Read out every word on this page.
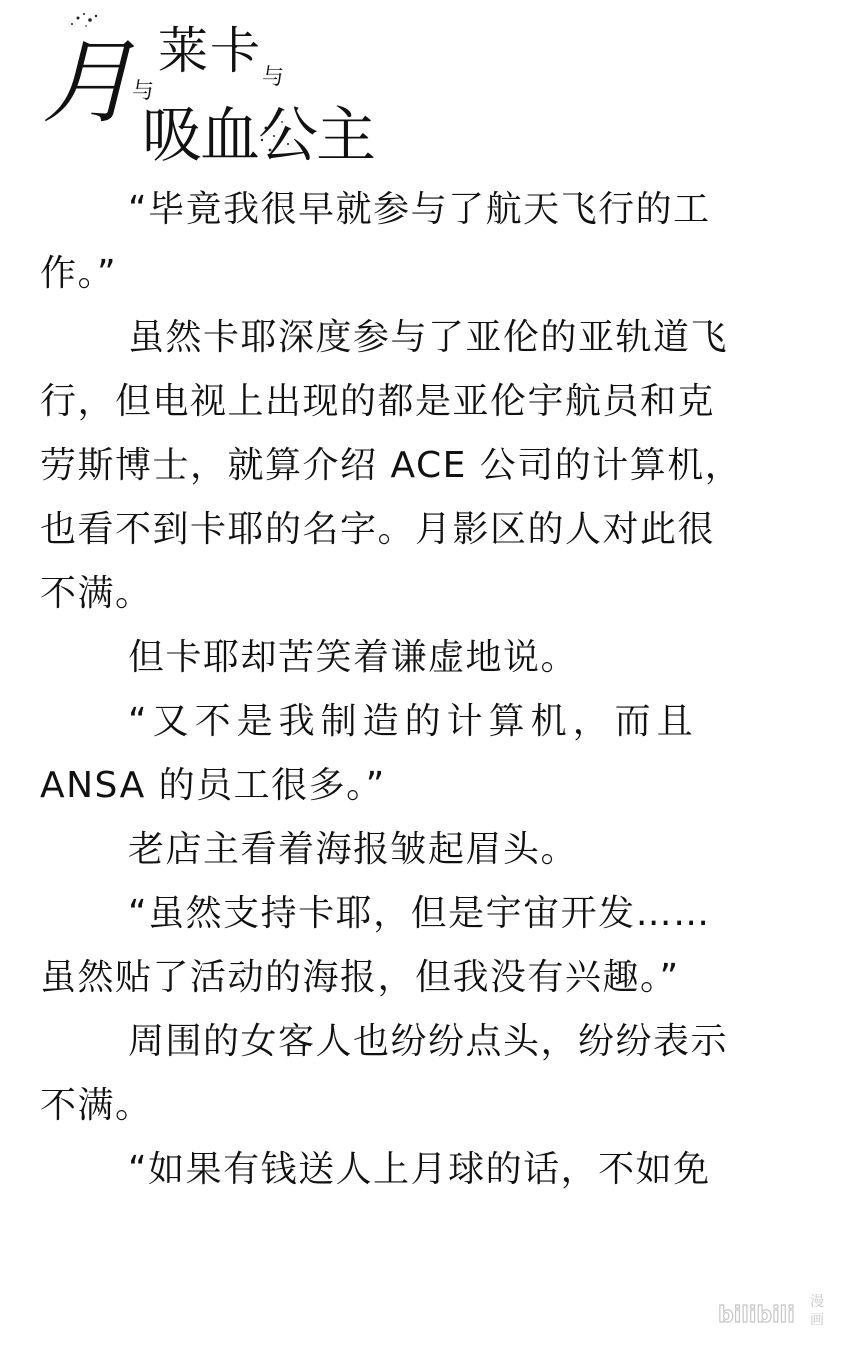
月
与
莱 卡 与
吸血公主
“毕竟我很早就参与了航天飞行的工
作。”
虽然卡耶深度参与了亚伦的亚轨道飞
行，但电视上出现的都是亚伦宇航员和克
劳斯博士，就算介绍 ACE 公司的计算机，
也看不到卡耶的名字。月影区的人对此很
不满。
但卡耶却苦笑着谦虚地说。
“又不是我制造的计算机，而且
ANSA 的员工很多。”
老店主看着海报皱起眉头。
“虽然支持卡耶，但是宇宙开发……
虽然贴了活动的海报，但我没有兴趣。”
周围的女客人也纷纷点头，纷纷表示
不满。
“如果有钱送人上月球的话，不如免
bilibili
漫
画
